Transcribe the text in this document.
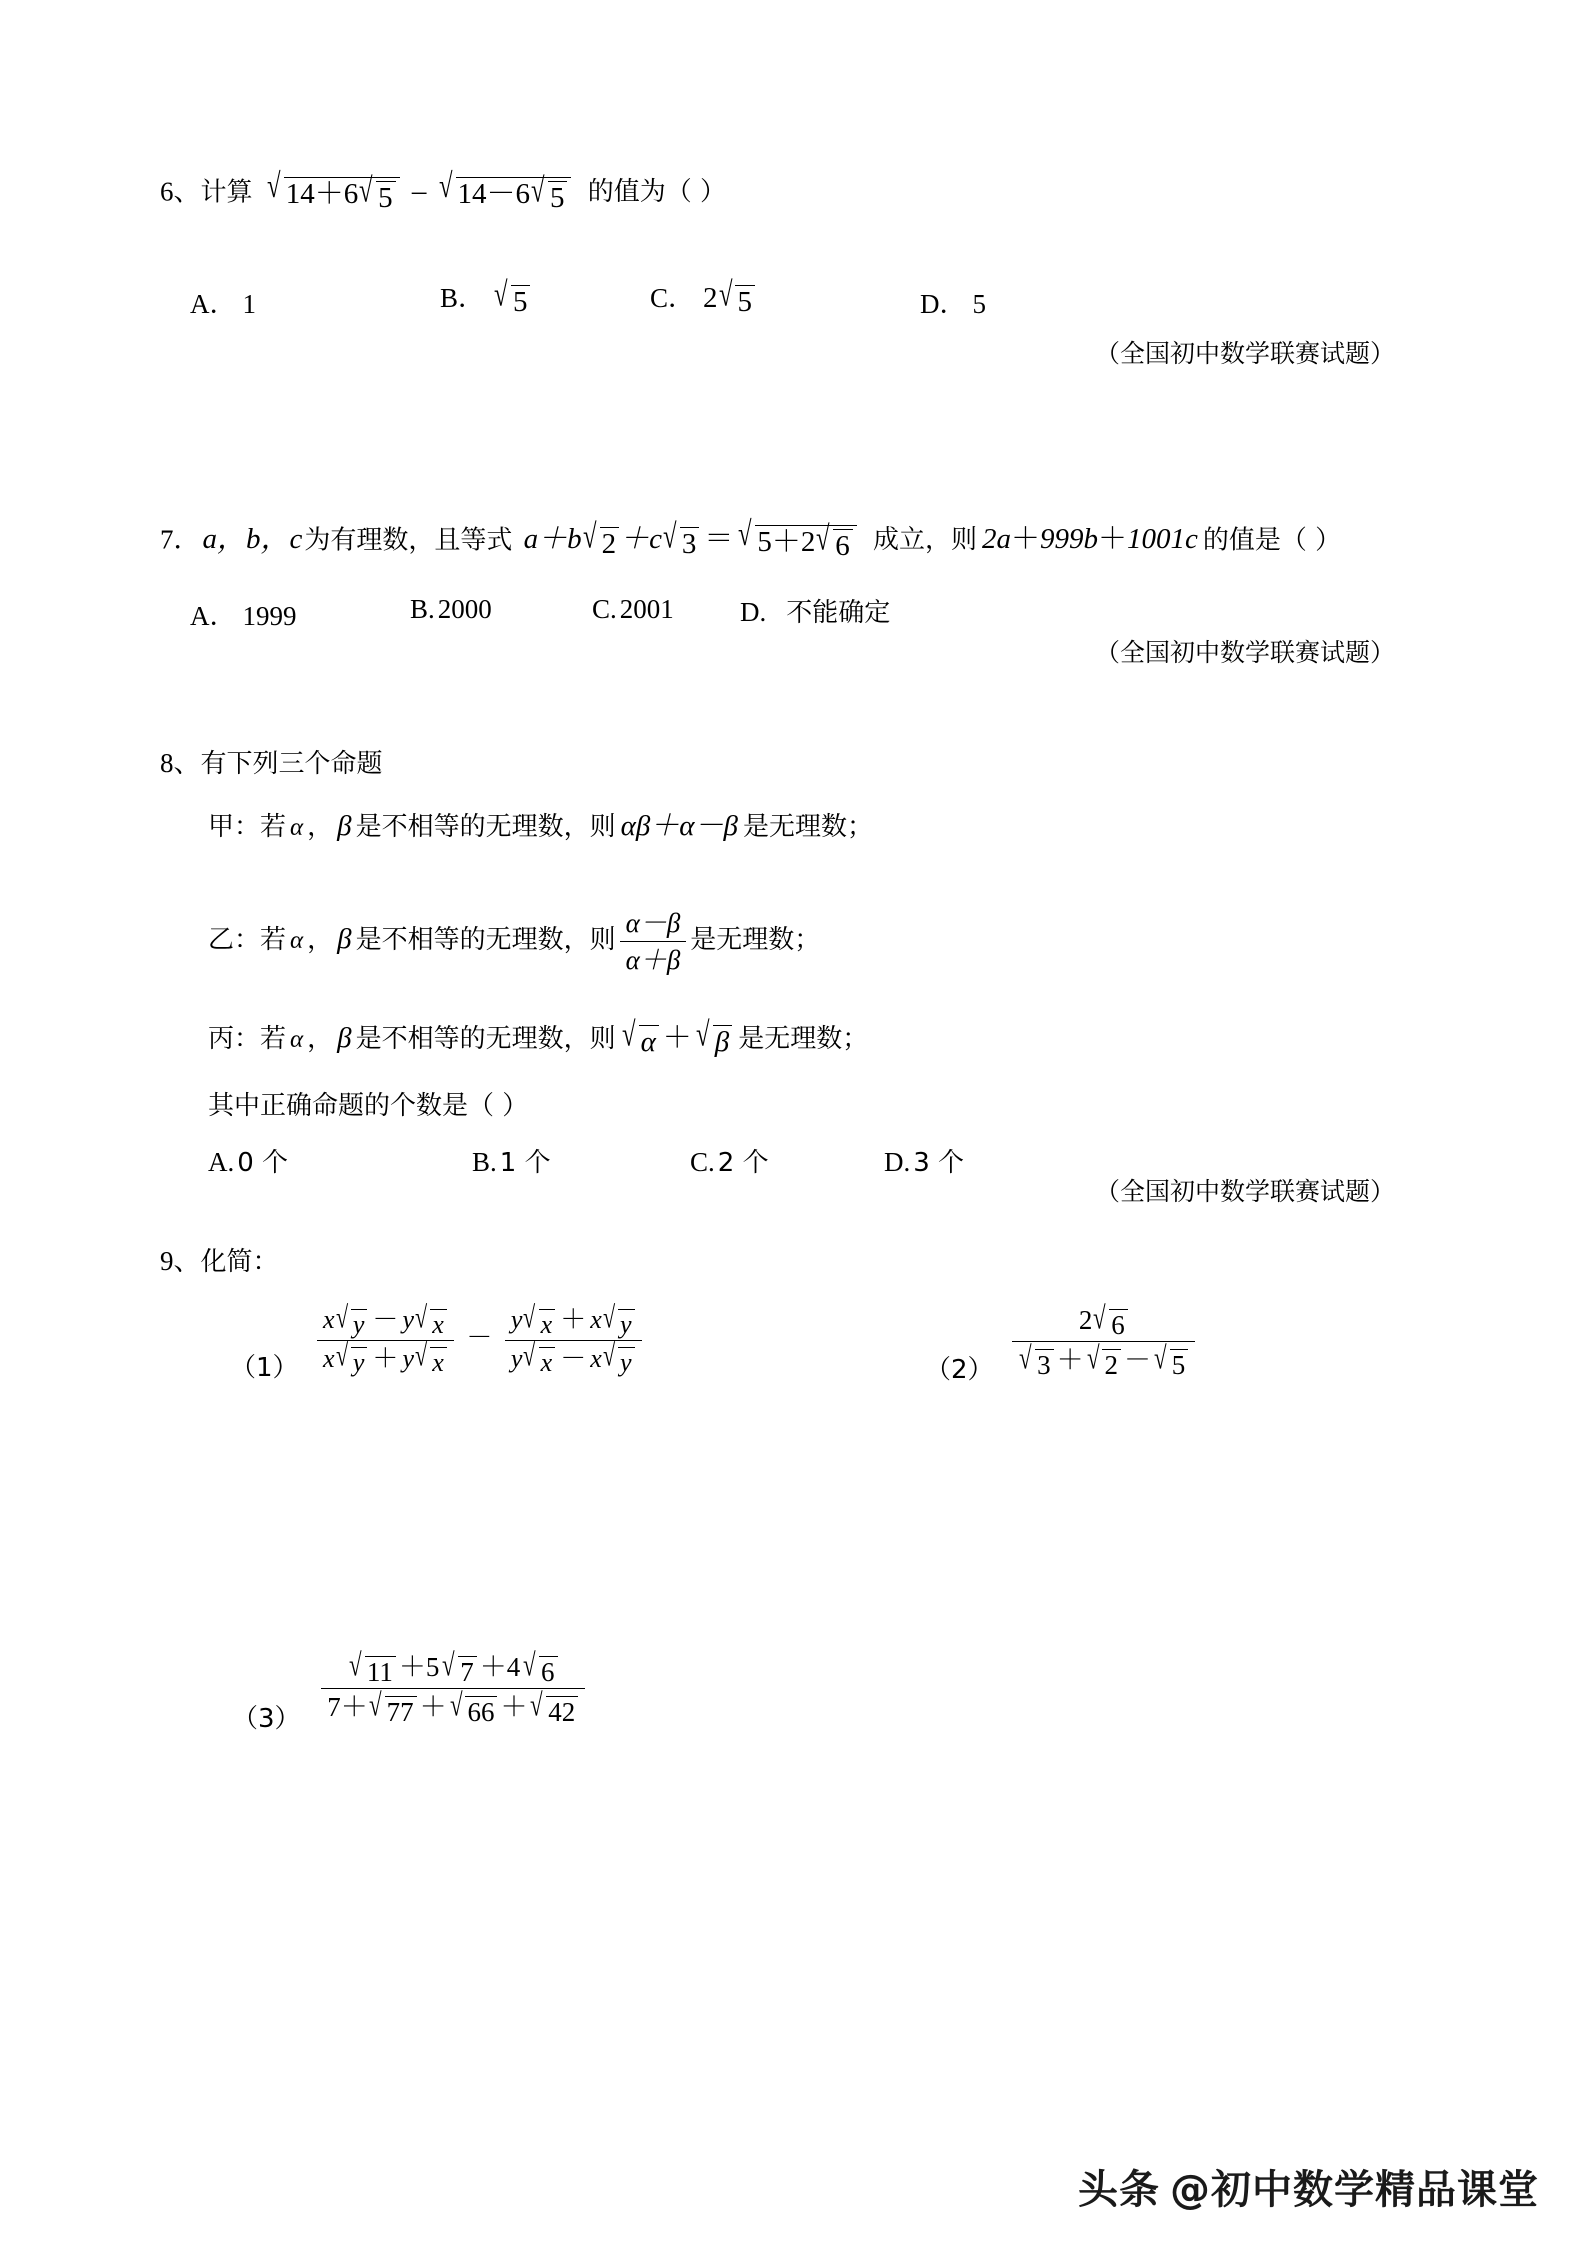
6、计算 √ 14＋6 √ 5 – √ 14－6 √ 5 的值为（ ）
A． 1	B． √ 5	C． 2 √ 5	D． 5
（全国初中数学联赛试题）
7．a，b，c为有理数，且等式 a＋b √ 2 ＋c √ 3 ＝ √ 5＋2 √ 6 成立，则 2a＋999b＋1001c 的值是（ ）
A． 1999	B. 2000	C. 2001 D. 不能确定
（全国初中数学联赛试题）
8、有下列三个命题
甲：若 α ， β 是不相等的无理数，则 αβ＋α－β 是无理数；
乙：若 α ， β 是不相等的无理数，则 $\frac{\alpha-\beta}{\alpha+\beta}$ 是无理数；
丙：若 α ， β 是不相等的无理数，则 √ α ＋ √ β 是无理数；
其中正确命题的个数是（ ）
A. 0 个	B. 1 个	C. 2 个	D. 3 个
（全国初中数学联赛试题）
9、化简：
$(1) \frac{x √ y - y √ x}{x √ y + y √ x} - \frac{y √ x + x √ y}{y √ x - x √ y}$	$(2) \frac{2 √ 6}{√ 3 + √ 2 - √ 5}$
$(3) \frac{√ 11 +5 √ 7 +4 √ 6}{7+ √ 77 + √ 66 + √ 42}$
头条 @初中数学精品课堂
